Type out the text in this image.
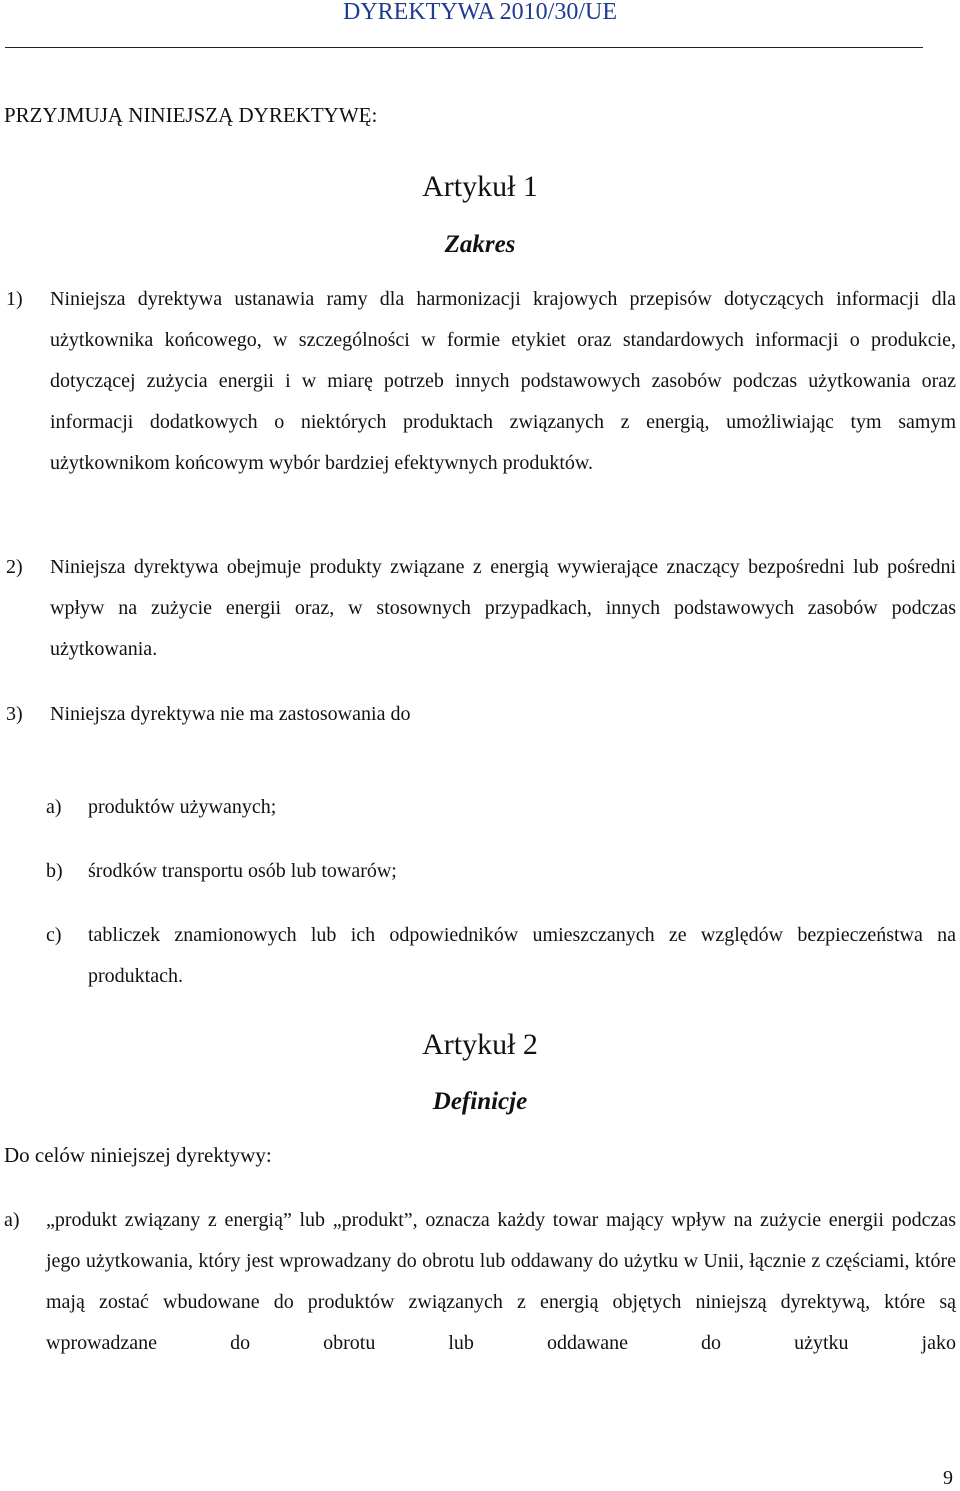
DYREKTYWA 2010/30/UE
PRZYJMUJĄ NINIEJSZĄ DYREKTYWĘ:
Artykuł 1
Zakres
1)	Niniejsza dyrektywa ustanawia ramy dla harmonizacji krajowych przepisów dotyczących informacji dla użytkownika końcowego, w szczególności w formie etykiet oraz standardowych informacji o produkcie, dotyczącej zużycia energii i w miarę potrzeb innych podstawowych zasobów podczas użytkowania oraz informacji dodatkowych o niektórych produktach związanych z energią, umożliwiając tym samym użytkownikom końcowym wybór bardziej efektywnych produktów.
2)	Niniejsza dyrektywa obejmuje produkty związane z energią wywierające znaczący bezpośredni lub pośredni wpływ na zużycie energii oraz, w stosownych przypadkach, innych podstawowych zasobów podczas użytkowania.
3)	Niniejsza dyrektywa nie ma zastosowania do
a)	produktów używanych;
b)	środków transportu osób lub towarów;
c)	tabliczek znamionowych lub ich odpowiedników umieszczanych ze względów bezpieczeństwa na produktach.
Artykuł 2
Definicje
Do celów niniejszej dyrektywy:
a)	„produkt związany z energią” lub „produkt”, oznacza każdy towar mający wpływ na zużycie energii podczas jego użytkowania, który jest wprowadzany do obrotu lub oddawany do użytku w Unii, łącznie z częściami, które mają zostać wbudowane do produktów związanych z energią objętych niniejszą dyrektywą, które są wprowadzane do obrotu lub oddawane do użytku jako
9
